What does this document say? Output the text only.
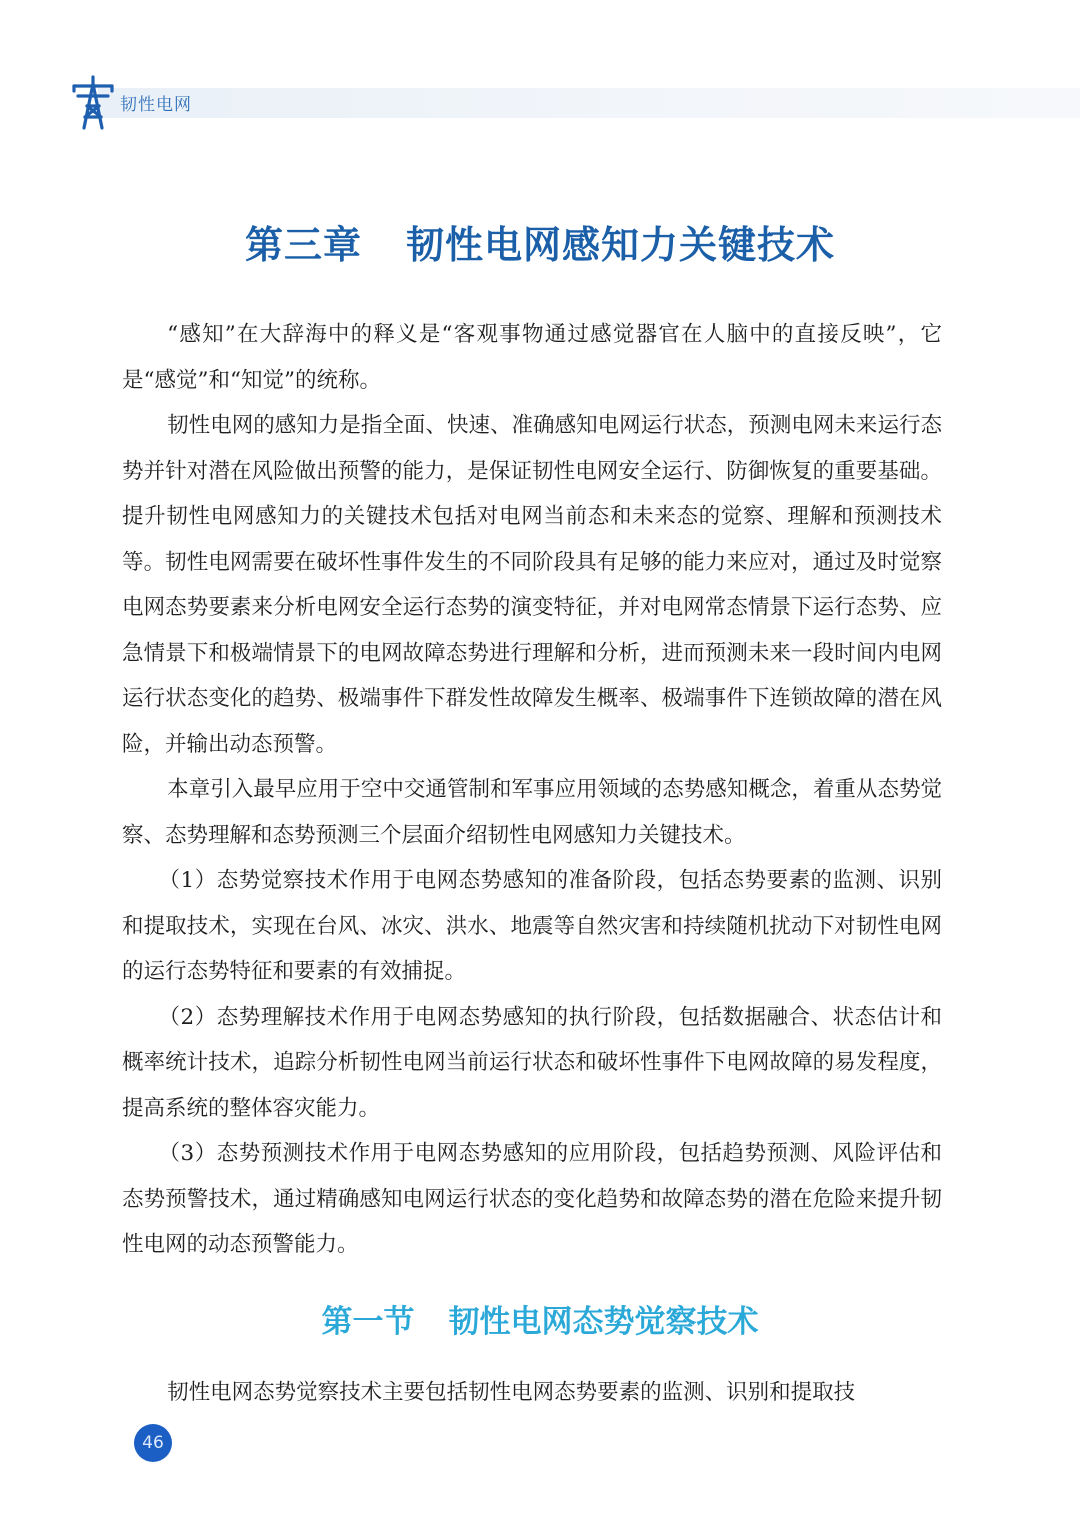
韧性电网
第三章 韧性电网感知力关键技术

“感知”在大辞海中的释义是“客观事物通过感觉器官在人脑中的直接反映”，它是“感觉”和“知觉”的统称。

韧性电网的感知力是指全面、快速、准确感知电网运行状态，预测电网未来运行态势并针对潜在风险做出预警的能力，是保证韧性电网安全运行、防御恢复的重要基础。提升韧性电网感知力的关键技术包括对电网当前态和未来态的觉察、理解和预测技术等。韧性电网需要在破坏性事件发生的不同阶段具有足够的能力来应对，通过及时觉察电网态势要素来分析电网安全运行态势的演变特征，并对电网常态情景下运行态势、应急情景下和极端情景下的电网故障态势进行理解和分析，进而预测未来一段时间内电网运行状态变化的趋势、极端事件下群发性故障发生概率、极端事件下连锁故障的潜在风险，并输出动态预警。

本章引入最早应用于空中交通管制和军事应用领域的态势感知概念，着重从态势觉察、态势理解和态势预测三个层面介绍韧性电网感知力关键技术。

（1）态势觉察技术作用于电网态势感知的准备阶段，包括态势要素的监测、识别和提取技术，实现在台风、冰灾、洪水、地震等自然灾害和持续随机扰动下对韧性电网的运行态势特征和要素的有效捕捉。

（2）态势理解技术作用于电网态势感知的执行阶段，包括数据融合、状态估计和概率统计技术，追踪分析韧性电网当前运行状态和破坏性事件下电网故障的易发程度，提高系统的整体容灾能力。

（3）态势预测技术作用于电网态势感知的应用阶段，包括趋势预测、风险评估和态势预警技术，通过精确感知电网运行状态的变化趋势和故障态势的潜在危险来提升韧性电网的动态预警能力。

第一节 韧性电网态势觉察技术

韧性电网态势觉察技术主要包括韧性电网态势要素的监测、识别和提取技

46
